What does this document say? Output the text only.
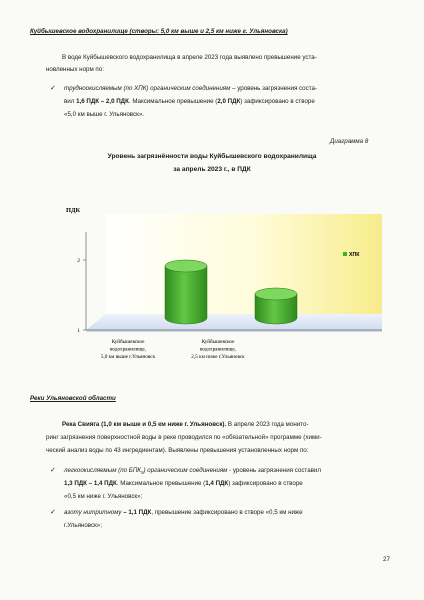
Куйбышевское водохранилище (створы: 5,0 км выше и 2,5 км ниже г. Ульяновска)
В воде Куйбышевского водохранилища в апреле 2023 года выявлено превышение уста-
новленных норм по:
✓ трудноокисляемым (по ХПК) органическим соединениям – уровень загрязнения соста-
вил 1,6 ПДК – 2,0 ПДК. Максимальное превышение (2,0 ПДК) зафиксировано в створе
«5,0 км выше г. Ульяновск».
Диаграмма 8
Уровень загрязнённости воды Куйбышевского водохранилища
за апрель 2023 г., в ПДК
ПДК
1
2
ХПК
Куйбышевское
водохранилище,
5,0 км выше г.Ульяновск
Куйбышевское
водохранилище,
2,5 км ниже г.Ульяновск
Реки Ульяновской области
Река Свияга (1,0 км выше и 0,5 км ниже г. Ульяновск). В апреле 2023 года монито-
ринг загрязнения поверхностной воды в реке проводился по «обязательной» программе (хими-
ческий анализ воды по 43 ингредиентам). Выявлены превышения установленных норм по:
✓ легкоокисляемым (по $БПК_5$) органическим соединениям - уровень загрязнения составил
1,3 ПДК – 1,4 ПДК. Максимальное превышение (1,4 ПДК) зафиксировано в створе
«0,5 км ниже г. Ульяновск»;
✓ азоту нитритному – 1,1 ПДК, превышение зафиксировано в створе «0,5 км ниже
г.Ульяновск»;
27
